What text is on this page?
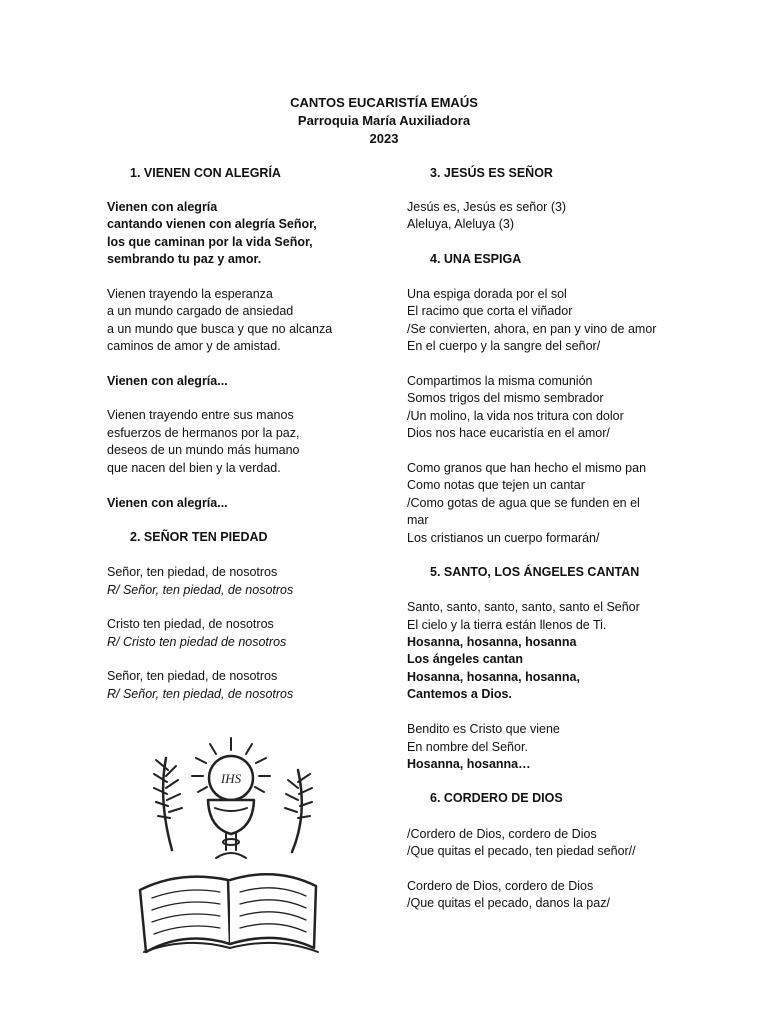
CANTOS EUCARISTÍA EMAÚS
Parroquia María Auxiliadora
2023
1. VIENEN CON ALEGRÍA
Vienen con alegría
cantando vienen con alegría Señor,
los que caminan por la vida Señor,
sembrando tu paz y amor.
Vienen trayendo la esperanza
a un mundo cargado de ansiedad
a un mundo que busca y que no alcanza
caminos de amor y de amistad.
Vienen con alegría...
Vienen trayendo entre sus manos
esfuerzos de hermanos por la paz,
deseos de un mundo más humano
que nacen del bien y la verdad.
Vienen con alegría...
2. SEÑOR TEN PIEDAD
Señor, ten piedad, de nosotros
R/ Señor, ten piedad, de nosotros
Cristo ten piedad, de nosotros
R/ Cristo ten piedad de nosotros
Señor, ten piedad, de nosotros
R/ Señor, ten piedad, de nosotros
IHS
3. JESÚS ES SEÑOR
Jesús es, Jesús es señor (3)
Aleluya, Aleluya (3)
4. UNA ESPIGA
Una espiga dorada por el sol
El racimo que corta el viñador
/Se convierten, ahora, en pan y vino de amor
En el cuerpo y la sangre del señor/
Compartimos la misma comunión
Somos trigos del mismo sembrador
/Un molino, la vida nos tritura con dolor
Dios nos hace eucaristía en el amor/
Como granos que han hecho el mismo pan
Como notas que tejen un cantar
/Como gotas de agua que se funden en el
mar
Los cristianos un cuerpo formarán/
5. SANTO, LOS ÁNGELES CANTAN
Santo, santo, santo, santo, santo el Señor
El cielo y la tierra están llenos de Ti.
Hosanna, hosanna, hosanna
Los ángeles cantan
Hosanna, hosanna, hosanna,
Cantemos a Dios.
Bendito es Cristo que viene
En nombre del Señor.
Hosanna, hosanna…
6. CORDERO DE DIOS
/Cordero de Dios, cordero de Dios
/Que quitas el pecado, ten piedad señor//
Cordero de Dios, cordero de Dios
/Que quitas el pecado, danos la paz/
